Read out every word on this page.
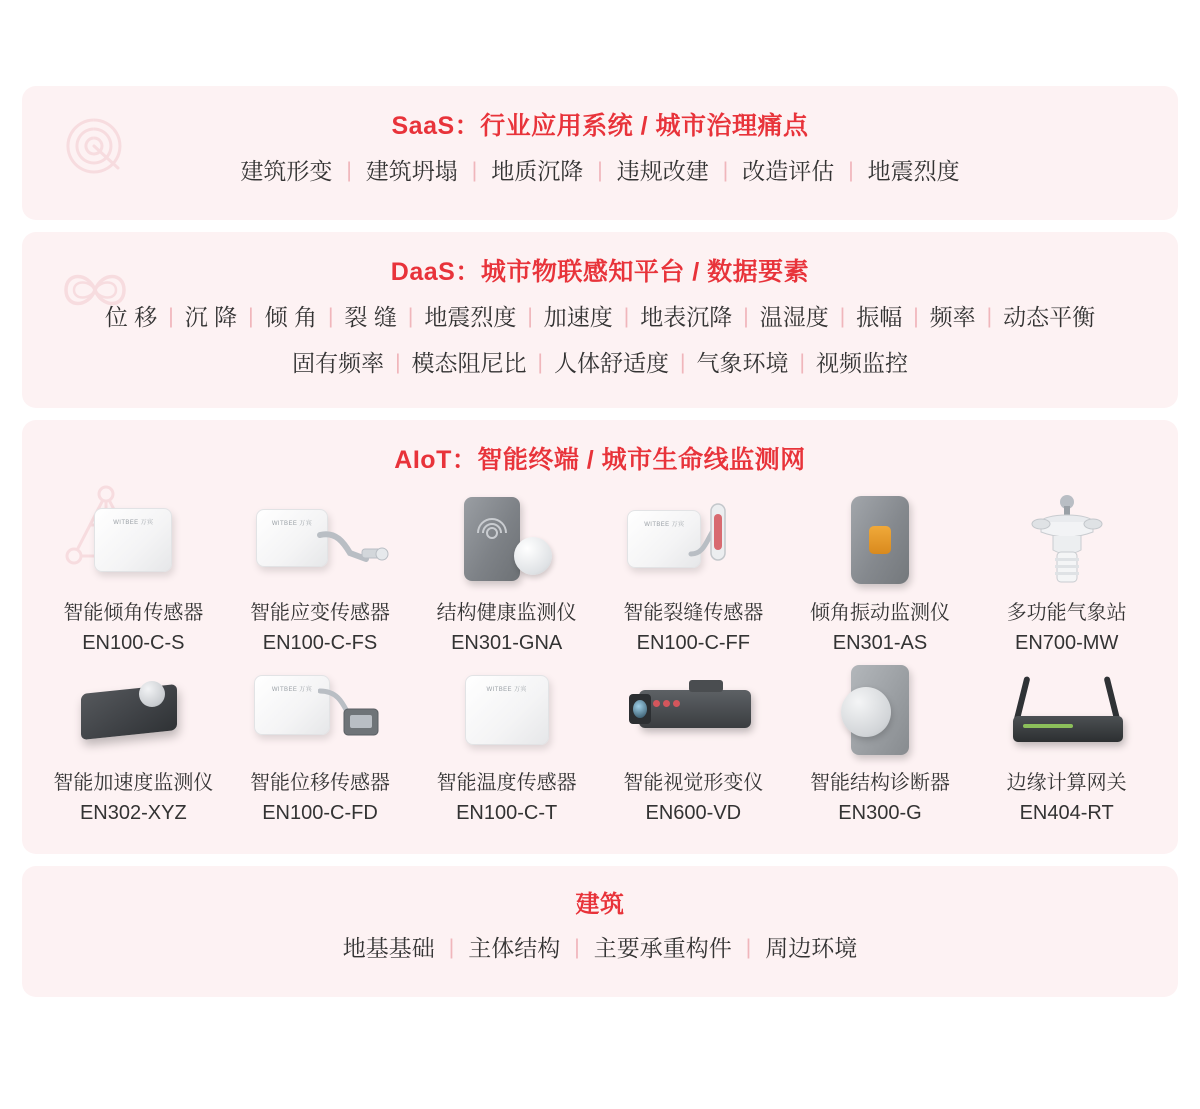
SaaS：行业应用系统 / 城市治理痛点
建筑形变 | 建筑坍塌 | 地质沉降 | 违规改建 | 改造评估 | 地震烈度
DaaS：城市物联感知平台 / 数据要素
位 移 | 沉 降 | 倾 角 | 裂 缝 | 地震烈度 | 加速度 | 地表沉降 | 温湿度 | 振幅 | 频率 | 动态平衡
固有频率 | 模态阻尼比 | 人体舒适度 | 气象环境 | 视频监控
AIoT：智能终端 / 城市生命线监测网
WITBEE 万宾
智能倾角传感器
EN100-C-S
WITBEE 万宾
智能应变传感器
EN100-C-FS
结构健康监测仪
EN301-GNA
WITBEE 万宾
智能裂缝传感器
EN100-C-FF
倾角振动监测仪
EN301-AS
多功能气象站
EN700-MW
智能加速度监测仪
EN302-XYZ
WITBEE 万宾
智能位移传感器
EN100-C-FD
WITBEE 万宾
智能温度传感器
EN100-C-T
智能视觉形变仪
EN600-VD
智能结构诊断器
EN300-G
边缘计算网关
EN404-RT
建筑
地基基础 | 主体结构 | 主要承重构件 | 周边环境
